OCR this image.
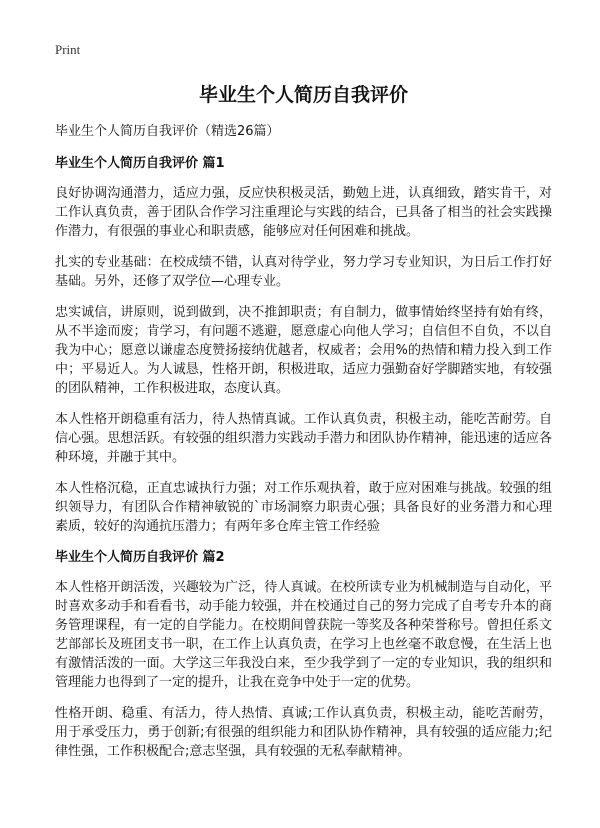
Print
毕业生个人简历自我评价
毕业生个人简历自我评价（精选26篇）
毕业生个人简历自我评价 篇1

良好协调沟通潜力，适应力强，反应快积极灵活，勤勉上进，认真细致，踏实肯干，对工作认真负责，善于团队合作学习注重理论与实践的结合，已具备了相当的社会实践操作潜力，有很强的事业心和职责感，能够应对任何困难和挑战。

扎实的专业基础：在校成绩不错，认真对待学业，努力学习专业知识，为日后工作打好基础。另外，还修了双学位—心理专业。

忠实诚信，讲原则，说到做到，决不推卸职责；有自制力，做事情始终坚持有始有终，从不半途而废；肯学习，有问题不逃避，愿意虚心向他人学习；自信但不自负，不以自我为中心；愿意以谦虚态度赞扬接纳优越者，权威者；会用%的热情和精力投入到工作中；平易近人。为人诚恳，性格开朗，积极进取，适应力强勤奋好学脚踏实地，有较强的团队精神，工作积极进取，态度认真。

本人性格开朗稳重有活力，待人热情真诚。工作认真负责，积极主动，能吃苦耐劳。自信心强。思想活跃。有较强的组织潜力实践动手潜力和团队协作精神，能迅速的适应各种环境，并融于其中。

本人性格沉稳，正直忠诚执行力强；对工作乐观执着，敢于应对困难与挑战。较强的组织领导力，有团队合作精神敏锐的`市场洞察力职责心强；具备良好的业务潜力和心理素质，较好的沟通抗压潜力；有两年多仓库主管工作经验

毕业生个人简历自我评价 篇2

本人性格开朗活泼，兴趣较为广泛，待人真诚。在校所读专业为机械制造与自动化，平时喜欢多动手和看看书，动手能力较强，并在校通过自己的努力完成了自考专升本的商务管理课程，有一定的自学能力。在校期间曾获院一等奖及各种荣誉称号。曾担任系文艺部部长及班团支书一职，在工作上认真负责，在学习上也丝毫不敢怠慢，在生活上也有激情活泼的一面。大学这三年我没白来，至少我学到了一定的专业知识，我的组织和管理能力也得到了一定的提升，让我在竞争中处于一定的优势。

性格开朗、稳重、有活力，待人热情、真诚;工作认真负责，积极主动，能吃苦耐劳，用于承受压力，勇于创新;有很强的组织能力和团队协作精神，具有较强的适应能力;纪律性强，工作积极配合;意志坚强，具有较强的无私奉献精神。
